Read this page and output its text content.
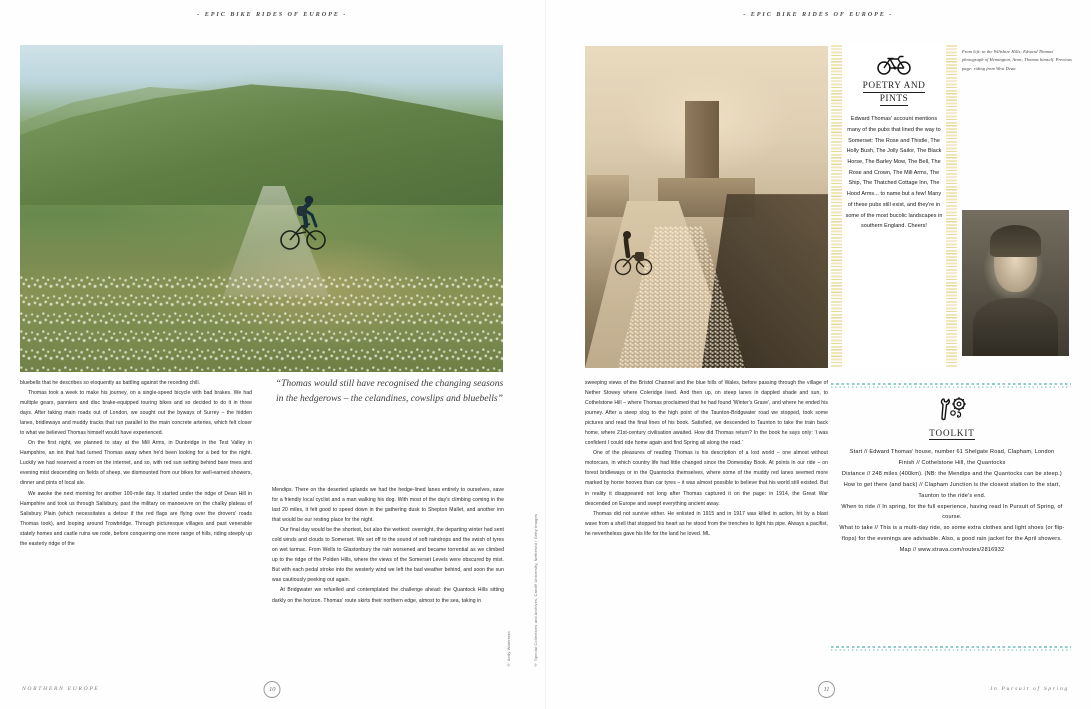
- EPIC BIKE RIDES OF EUROPE -
“Thomas would still have recognised the changing seasons in the hedgerows – the celandines, cowslips and bluebells”

bluebells that he describes so eloquently as battling against the receding chill.

Thomas took a week to make his journey, on a single-speed bicycle with bad brakes. We had multiple gears, panniers and disc brake-equipped touring bikes and so decided to do it in three days. After taking main roads out of London, we sought out the byways of Surrey – the hidden lanes, bridleways and muddy tracks that run parallel to the main concrete arteries, which felt closer to what we believed Thomas himself would have experienced.

On the first night, we planned to stay at the Mill Arms, in Dunbridge in the Test Valley in Hampshire, an inn that had turned Thomas away when he'd been looking for a bed for the night. Luckily we had reserved a room on the internet, and so, with red sun setting behind bare trees and evening mist descending on fields of sheep, we dismounted from our bikes for well-earned showers, dinner and pints of local ale.

We awoke the next morning for another 100-mile day. It started under the ridge of Dean Hill in Hampshire and took us through Salisbury, past the military on manoeuvre on the chalky plateau of Salisbury Plain (which necessitates a detour if the red flags are flying over the drovers' roads Thomas took), and looping around Trowbridge. Through picturesque villages and past venerable stately homes and castle ruins we rode, before conquering one more range of hills, riding steeply up the easterly ridge of the

Mendips. There on the deserted uplands we had the hedge-lined lanes entirely to ourselves, save for a friendly local cyclist and a man walking his dog. With most of the day's climbing coming in the last 20 miles, it felt good to speed down in the gathering dusk to Shepton Mallet, and another inn that would be our resting place for the night.

Our final day would be the shortest, but also the wettest: overnight, the departing winter had sent cold winds and clouds to Somerset. We set off to the sound of soft raindrops and the swish of tyres on wet tarmac. From Wells to Glastonbury the rain worsened and became torrential as we climbed up to the ridge of the Polden Hills, where the views of the Somerset Levels were obscured by mist. But with each pedal stroke into the westerly wind we left the bad weather behind, and soon the sun was cautiously peeking out again.

At Bridgwater we refuelled and contemplated the challenge ahead: the Quantock Hills sitting darkly on the horizon. Thomas' route skirts their northern edge, almost to the sea, taking in

© Andy Waterman
NORTHERN EUROPE	10
- EPIC BIKE RIDES OF EUROPE -
From left: in the Wiltshire Hills; Edward Thomas' photograph of Hemington, Avon; Thomas himself. Previous page: riding from West Dean

sweeping views of the Bristol Channel and the blue hills of Wales, before passing through the village of Nether Stowey where Coleridge lived. And then up, on steep lanes in dappled shade and sun, to Cothelstone Hill – where Thomas proclaimed that he had found 'Winter's Grave', and where he ended his journey. After a steep slog to the high point of the Taunton-Bridgwater road we stopped, took some pictures and read the final lines of his book. Satisfied, we descended to Taunton to take the train back home, where 21st-century civilisation awaited. How did Thomas return? In the book he says only: 'I was confident I could ride home again and find Spring all along the road.'

One of the pleasures of reading Thomas is his description of a lost world – one almost without motorcars, in which country life had little changed since the Domesday Book. At points in our ride – on forest bridleways or in the Quantocks themselves, where some of the muddy red lanes seemed more marked by horse hooves than car tyres – it was almost possible to believe that his world still existed. But in reality it disappeared not long after Thomas captured it on the page: in 1914, the Great War descended on Europe and swept everything ancient away.

Thomas did not survive either. He enlisted in 1915 and in 1917 was killed in action, hit by a blast wave from a shell that stopped his heart as he stood from the trenches to light his pipe. Always a pacifist, he nevertheless gave his life for the land he loved. ML

© Special Collections and Archives, Cardiff University, Nettlefold / Getty Images
POETRY AND
PINTS
Edward Thomas' account mentions many of the pubs that lined the way to Somerset: The Rose and Thistle, The Holly Bush, The Jolly Sailor, The Black Horse, The Barley Mow, The Bell, The Rose and Crown, The Mill Arms, The Ship, The Thatched Cottage Inn, The Hood Arms... to name but a few! Many of these pubs still exist, and they're in some of the most bucolic landscapes in southern England. Cheers!
TOOLKIT
Start // Edward Thomas' house, number 61 Shelgate Road, Clapham, London
Finish // Cothelstone Hill, the Quantocks
Distance // 248 miles (400km). (NB: the Mendips and the Quantocks can be steep.)
How to get there (and back) // Clapham Junction is the closest station to the start, Taunton to the ride's end.
When to ride // In spring, for the full experience, having read In Pursuit of Spring, of course.
What to take // This is a multi-day ride, so some extra clothes and light shoes (or flip-flops) for the evenings are advisable. Also, a good rain jacket for the April showers.
Map // www.strava.com/routes/2816932
In Pursuit of Spring
11
